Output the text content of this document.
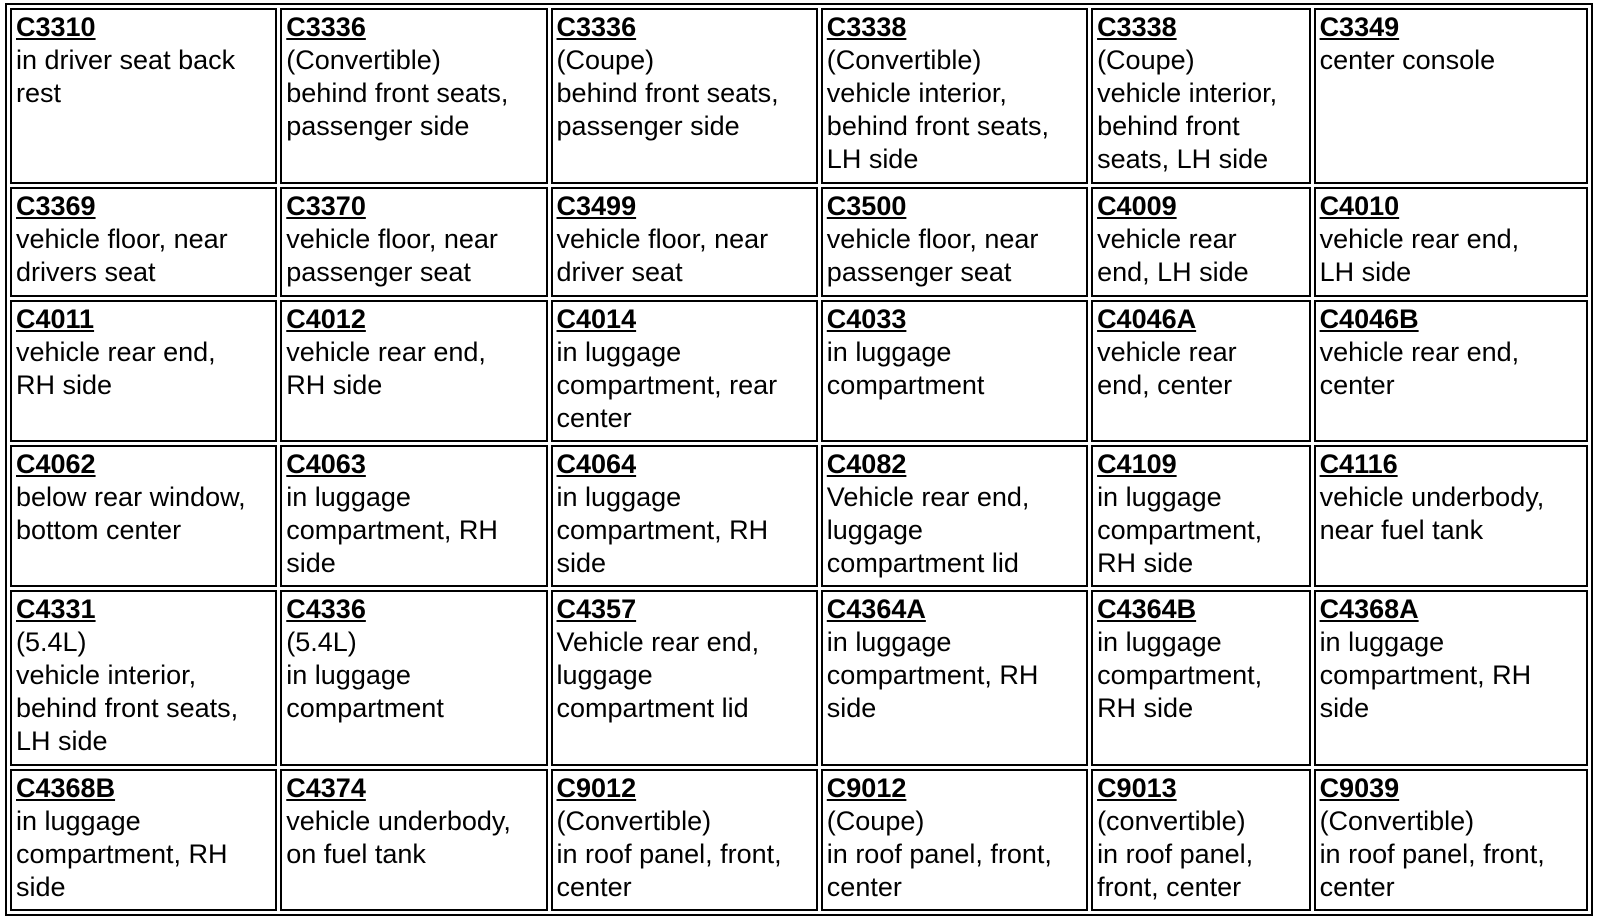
C3310
in driver seat back
rest	C3336
(Convertible)
behind front seats,
passenger side	C3336
(Coupe)
behind front seats,
passenger side	C3338
(Convertible)
vehicle interior,
behind front seats,
LH side	C3338
(Coupe)
vehicle interior,
behind front
seats, LH side	C3349
center console

C3369
vehicle floor, near
drivers seat	C3370
vehicle floor, near
passenger seat	C3499
vehicle floor, near
driver seat	C3500
vehicle floor, near
passenger seat	C4009
vehicle rear
end, LH side	C4010
vehicle rear end,
LH side

C4011
vehicle rear end,
RH side	C4012
vehicle rear end,
RH side	C4014
in luggage
compartment, rear
center	C4033
in luggage
compartment	C4046A
vehicle rear
end, center	C4046B
vehicle rear end,
center

C4062
below rear window,
bottom center	C4063
in luggage
compartment, RH
side	C4064
in luggage
compartment, RH
side	C4082
Vehicle rear end,
luggage
compartment lid	C4109
in luggage
compartment,
RH side	C4116
vehicle underbody,
near fuel tank

C4331
(5.4L)
vehicle interior,
behind front seats,
LH side	C4336
(5.4L)
in luggage
compartment	C4357
Vehicle rear end,
luggage
compartment lid	C4364A
in luggage
compartment, RH
side	C4364B
in luggage
compartment,
RH side	C4368A
in luggage
compartment, RH
side

C4368B
in luggage
compartment, RH
side	C4374
vehicle underbody,
on fuel tank	C9012
(Convertible)
in roof panel, front,
center	C9012
(Coupe)
in roof panel, front,
center	C9013
(convertible)
in roof panel,
front, center	C9039
(Convertible)
in roof panel, front,
center
